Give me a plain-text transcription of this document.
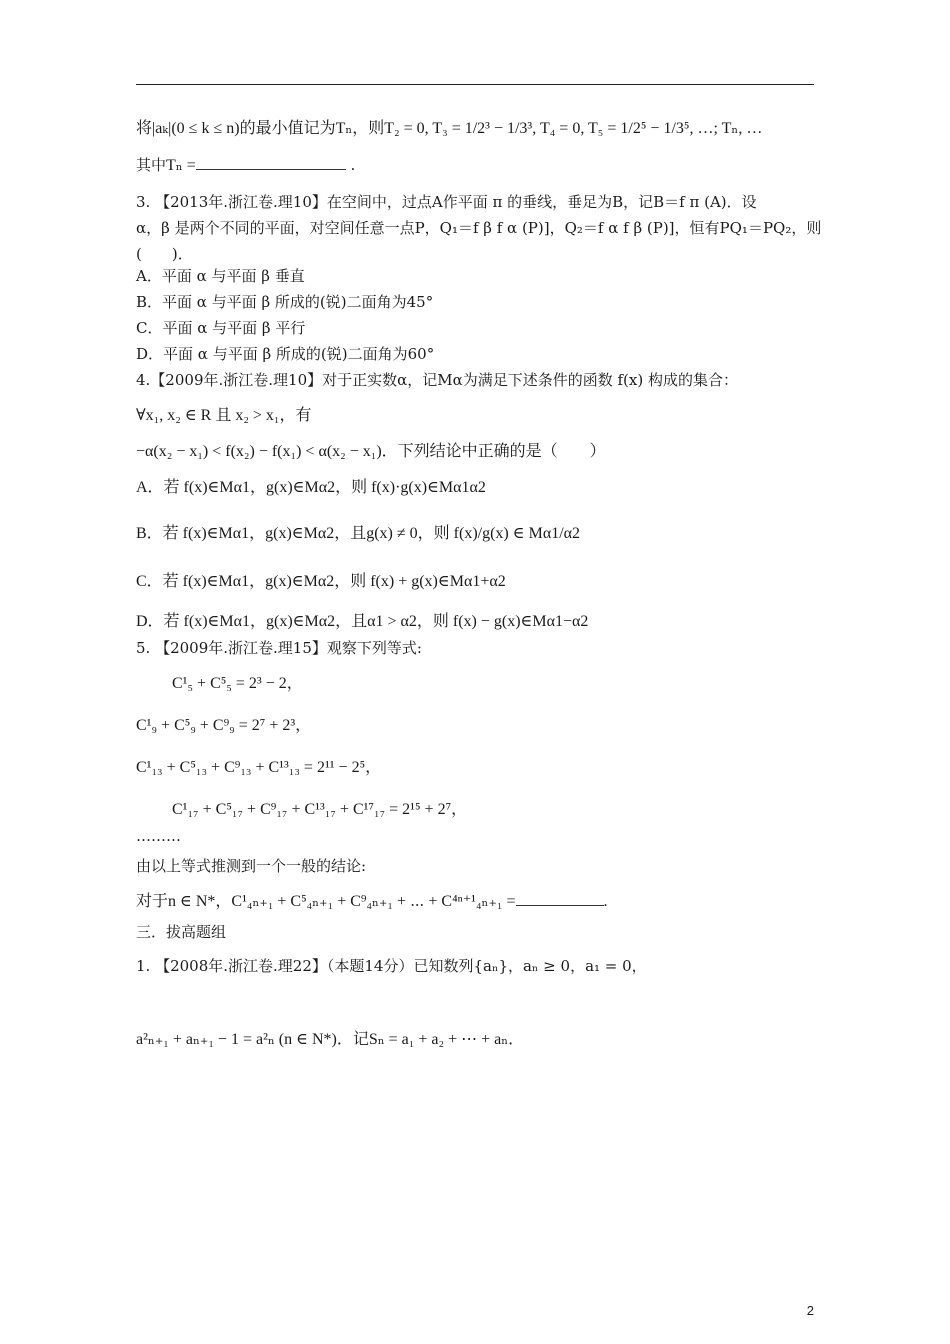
将|aₖ|(0 ≤ k ≤ n)的最小值记为Tₙ，则T₂ = 0, T₃ = 1/2³ − 1/3³, T₄ = 0, T₅ = 1/2⁵ − 1/3⁵, …; Tₙ, …

其中Tₙ =	.

3. 【2013年.浙江卷.理10】在空间中，过点A作平面 π 的垂线，垂足为B，记B＝f π (A)．设

α，β 是两个不同的平面，对空间任意一点P，Q₁＝f β f α (P)]，Q₂＝f α f β (P)]，恒有PQ₁＝PQ₂，则

(　　)．

A．平面 α 与平面 β 垂直

B．平面 α 与平面 β 所成的(锐)二面角为45°

C．平面 α 与平面 β 平行

D．平面 α 与平面 β 所成的(锐)二面角为60°

4.【2009年.浙江卷.理10】对于正实数α，记Mα为满足下述条件的函数 f(x) 构成的集合：

∀x₁, x₂ ∈ R 且 x₂ > x₁，有

−α(x₂ − x₁) < f(x₂) − f(x₁) < α(x₂ − x₁)．下列结论中正确的是（　　）

A．若 f(x)∈Mα1，g(x)∈Mα2，则 f(x)·g(x)∈Mα1α2

B．若 f(x)∈Mα1，g(x)∈Mα2，且g(x) ≠ 0，则 f(x)/g(x) ∈ Mα1/α2

C．若 f(x)∈Mα1，g(x)∈Mα2，则 f(x) + g(x)∈Mα1+α2

D．若 f(x)∈Mα1，g(x)∈Mα2，且α1 > α2，则 f(x) − g(x)∈Mα1−α2

5. 【2009年.浙江卷.理15】观察下列等式:

C¹₅ + C⁵₅ = 2³ − 2，

C¹₉ + C⁵₉ + C⁹₉ = 2⁷ + 2³，

C¹₁₃ + C⁵₁₃ + C⁹₁₃ + C¹³₁₃ = 2¹¹ − 2⁵，

C¹₁₇ + C⁵₁₇ + C⁹₁₇ + C¹³₁₇ + C¹⁷₁₇ = 2¹⁵ + 2⁷，

………

由以上等式推测到一个一般的结论:

对于n ∈ N*，C¹₄ₙ₊₁ + C⁵₄ₙ₊₁ + C⁹₄ₙ₊₁ + ⋯ + C⁴ⁿ⁺¹₄ₙ₊₁ =	.

三．拔高题组

1. 【2008年.浙江卷.理22】（本题14分）已知数列{aₙ}，aₙ ≥ 0，a₁ = 0，

a²ₙ₊₁ + aₙ₊₁ − 1 = a²ₙ (n ∈ N*)．记Sₙ = a₁ + a₂ + ⋯ + aₙ．

2
